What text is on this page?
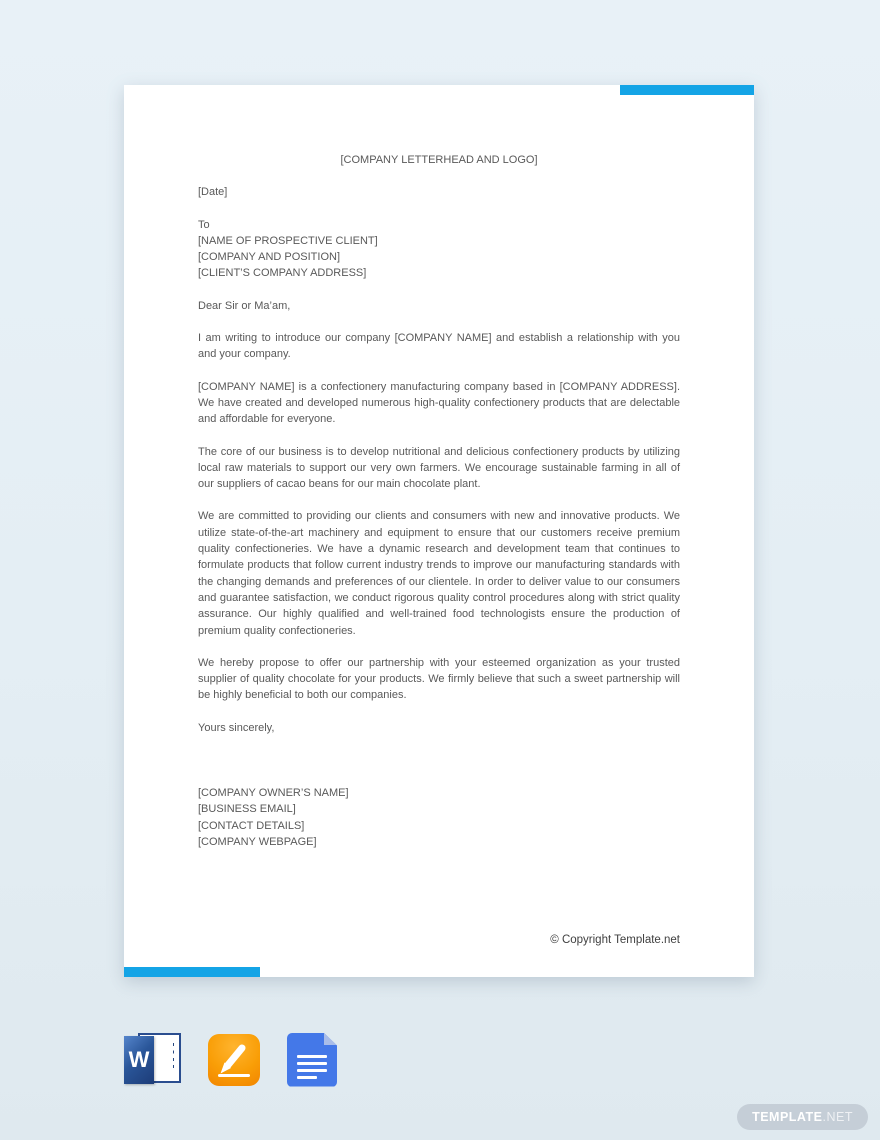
[COMPANY LETTERHEAD AND LOGO]
[Date]
To
[NAME OF PROSPECTIVE CLIENT]
[COMPANY AND POSITION]
[CLIENT’S COMPANY ADDRESS]
Dear Sir or Ma’am,

I am writing to introduce our company [COMPANY NAME] and establish a relationship with you and your company.

[COMPANY NAME] is a confectionery manufacturing company based in [COMPANY ADDRESS]. We have created and developed numerous high-quality confectionery products that are delectable and affordable for everyone.

The core of our business is to develop nutritional and delicious confectionery products by utilizing local raw materials to support our very own farmers. We encourage sustainable farming in all of our suppliers of cacao beans for our main chocolate plant.

We are committed to providing our clients and consumers with new and innovative products. We utilize state-of-the-art machinery and equipment to ensure that our customers receive premium quality confectioneries. We have a dynamic research and development team that continues to formulate products that follow current industry trends to improve our manufacturing standards with the changing demands and preferences of our clientele. In order to deliver value to our consumers and guarantee satisfaction, we conduct rigorous quality control procedures along with strict quality assurance. Our highly qualified and well-trained food technologists ensure the production of premium quality confectioneries.

We hereby propose to offer our partnership with your esteemed organization as your trusted supplier of quality chocolate for your products. We firmly believe that such a sweet partnership will be highly beneficial to both our companies.

Yours sincerely,
[COMPANY OWNER’S NAME]
[BUSINESS EMAIL]
[CONTACT DETAILS]
[COMPANY WEBPAGE]
© Copyright Template.net
W
TEMPLATE .NET
